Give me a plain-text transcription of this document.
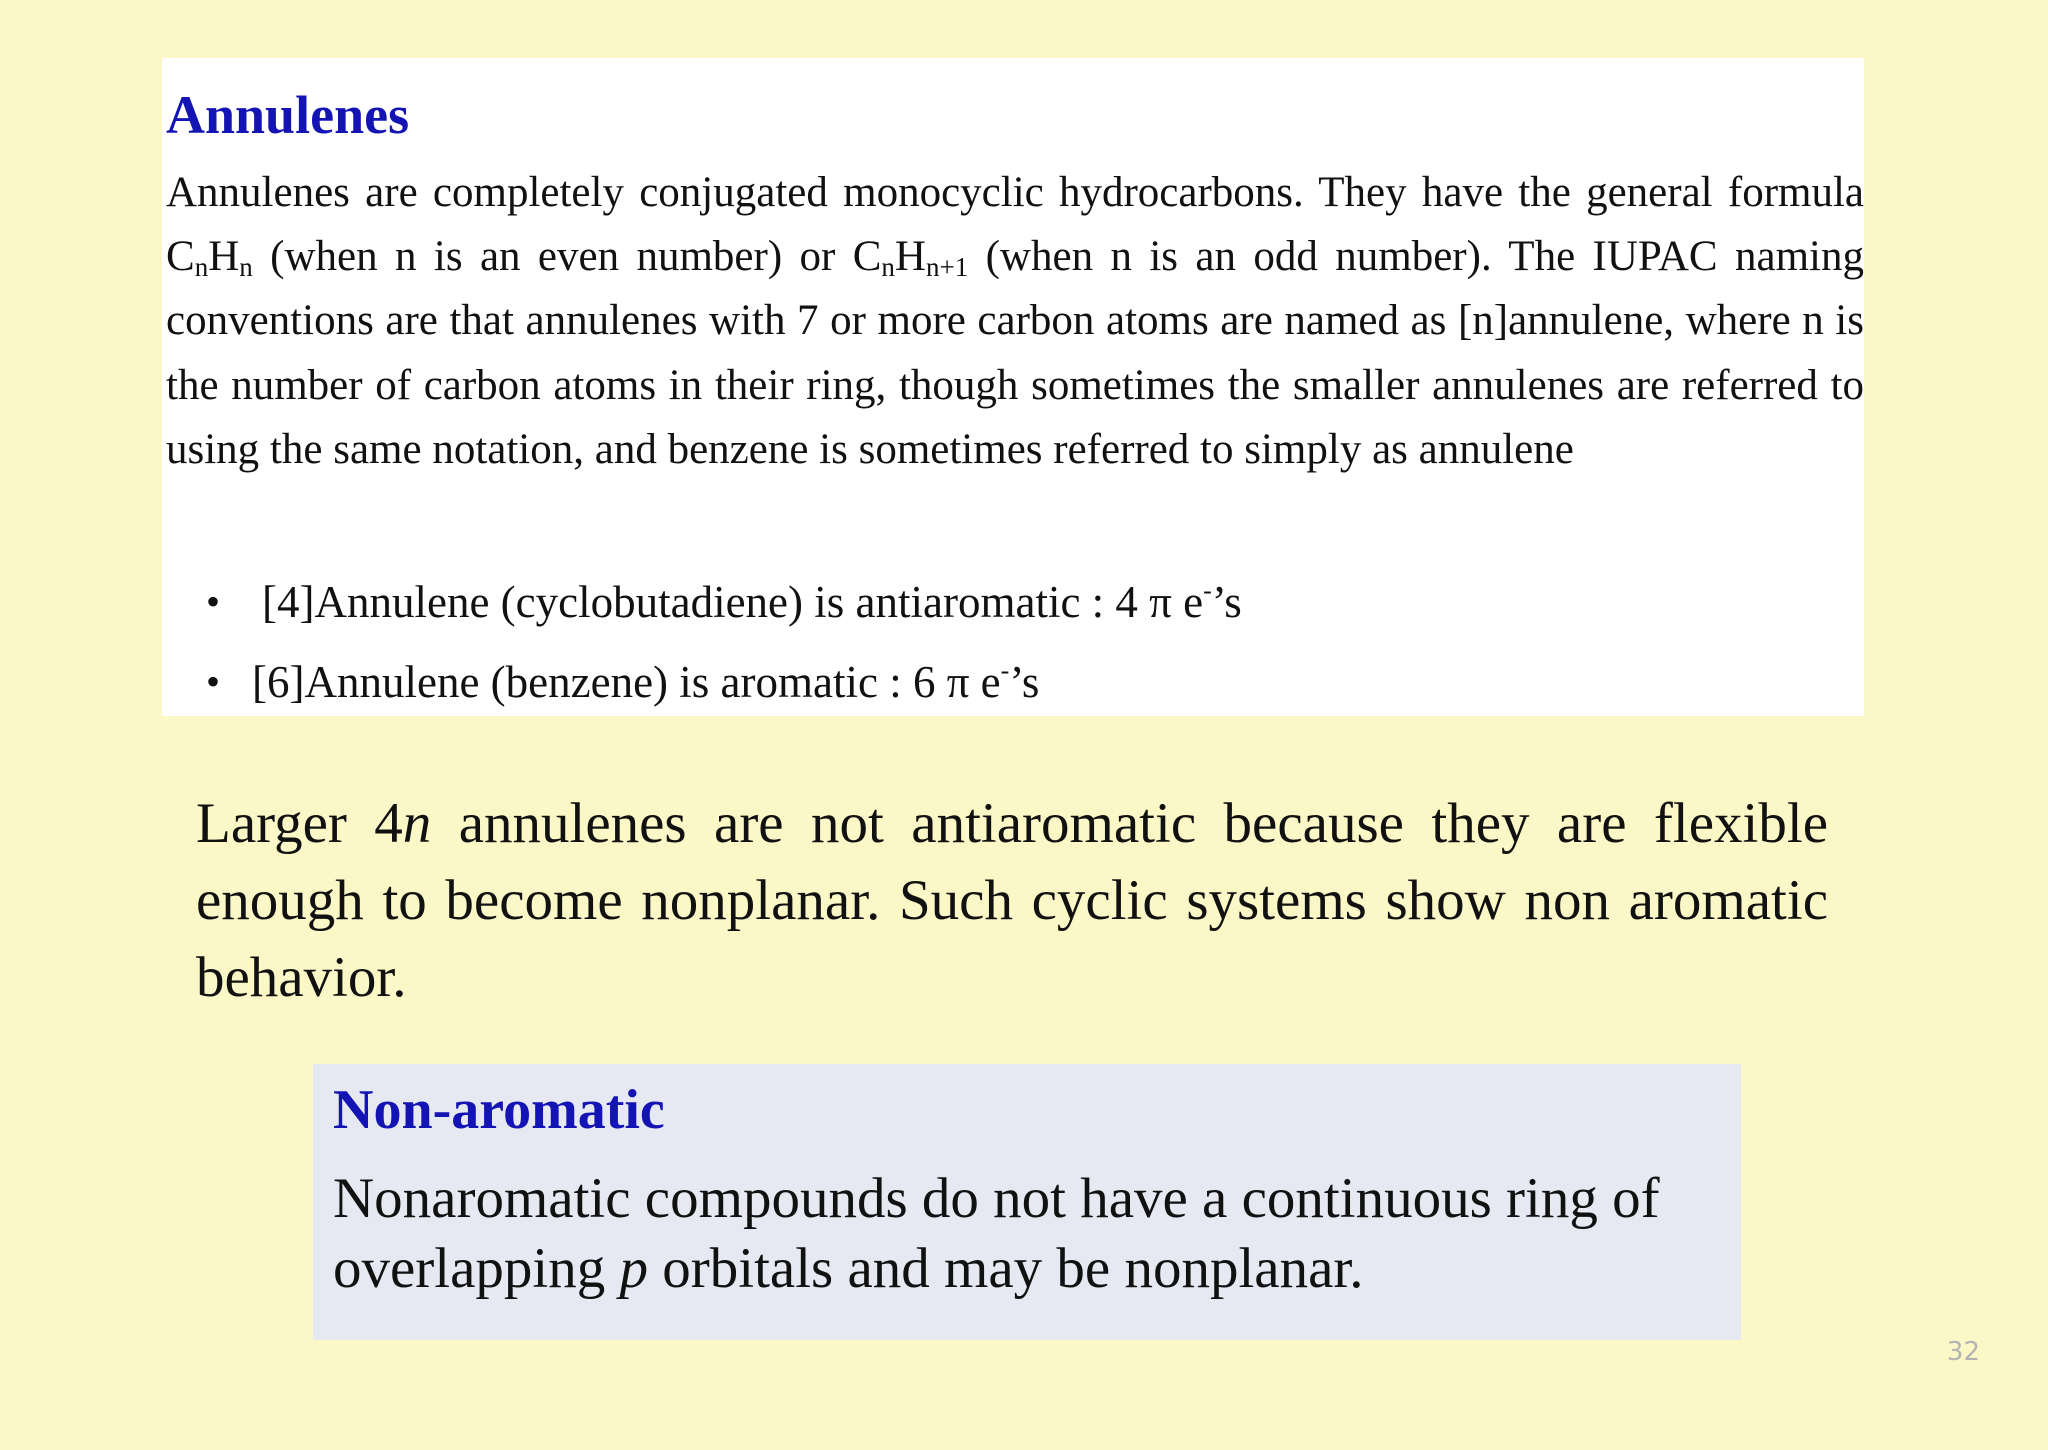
Annulenes

Annulenes are completely conjugated monocyclic hydrocarbons. They have the general formula $C_nH_n$ (when n is an even number) or $C_nH_{n+1}$ (when n is an odd number). The IUPAC naming conventions are that annulenes with 7 or more carbon atoms are named as [n]annulene, where n is the number of carbon atoms in their ring, though sometimes the smaller annulenes are referred to using the same notation, and benzene is sometimes referred to simply as annulene

• [4]Annulene (cyclobutadiene) is antiaromatic : 4 π e-’s
• [6]Annulene (benzene) is aromatic : 6 π e-’s

Larger 4n annulenes are not antiaromatic because they are flexible enough to become nonplanar. Such cyclic systems show non aromatic behavior.

Non-aromatic

Nonaromatic compounds do not have a continuous ring of overlapping p orbitals and may be nonplanar.

32
